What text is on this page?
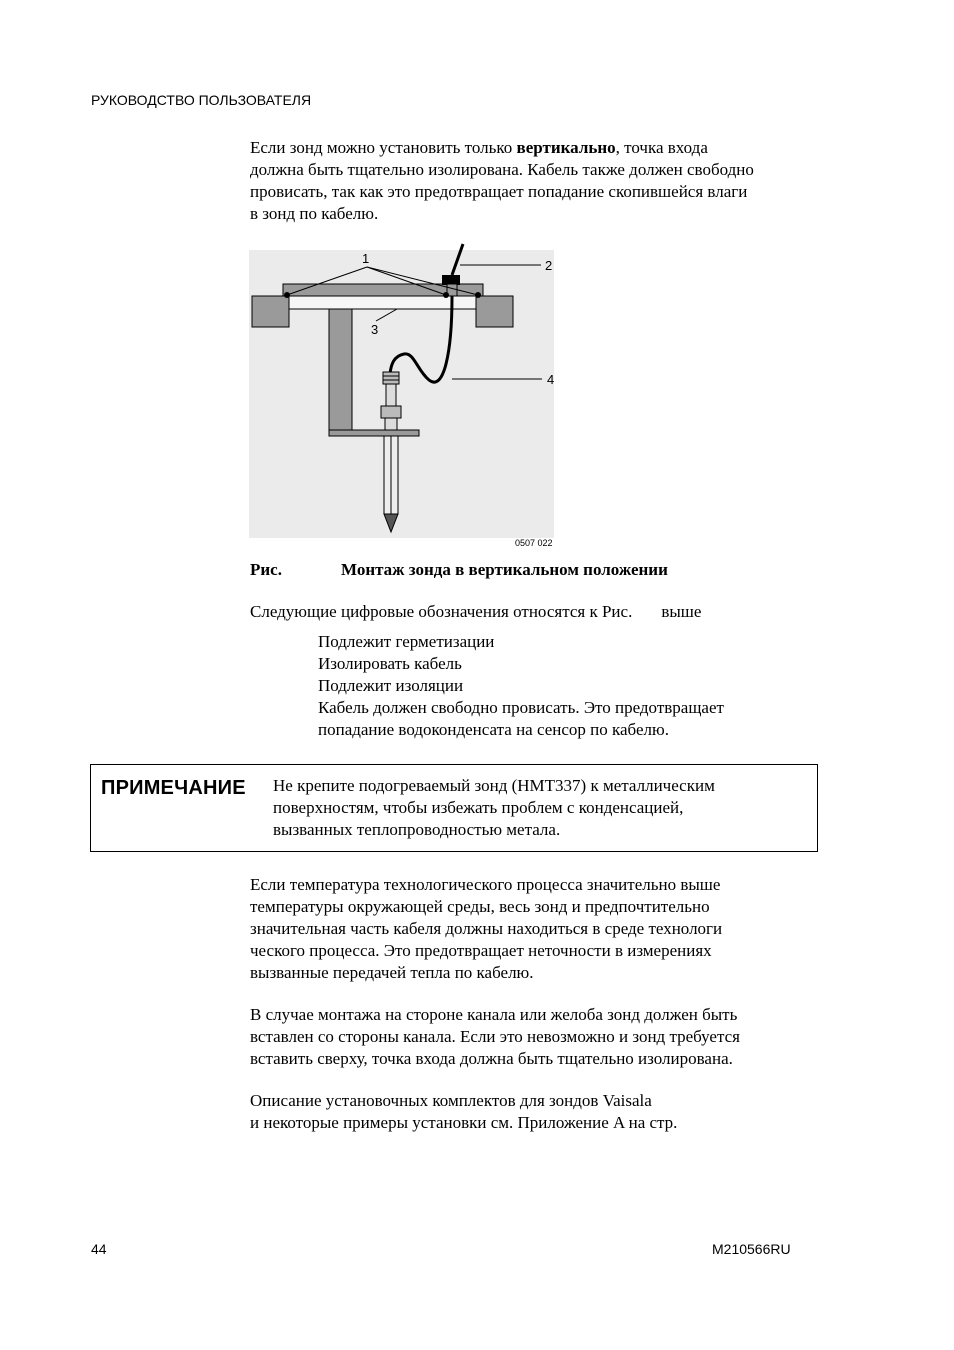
РУКОВОДСТВО ПОЛЬЗОВАТЕЛЯ
Если зонд можно установить только вертикально, точка входа
должна быть тщательно изолирована. Кабель также должен свободно
провисать, так как это предотвращает попадание скопившейся влаги
в зонд по кабелю.
1	2
3
4
0507 022
Рис.	Монтаж зонда в вертикальном положении
Следующие цифровые обозначения относятся к Рис. выше
Подлежит герметизации
Изолировать кабель
Подлежит изоляции
Кабель должен свободно провисать. Это предотвращает
попадание водоконденсата на сенсор по кабелю.
ПРИМЕЧАНИЕ Не крепите подогреваемый зонд (HMT337) к металлическим
поверхностям, чтобы избежать проблем с конденсацией,
вызванных теплопроводностью метала.
Если температура технологического процесса значительно выше
температуры окружающей среды, весь зонд и предпочтительно
значительная часть кабеля должны находиться в среде технологи
ческого процесса. Это предотвращает неточности в измерениях
вызванные передачей тепла по кабелю.
В случае монтажа на стороне канала или желоба зонд должен быть
вставлен со стороны канала. Если это невозможно и зонд требуется
вставить сверху, точка входа должна быть тщательно изолирована.
Описание установочных комплектов для зондов Vaisala
и некоторые примеры установки см. Приложение A на стр.
44	M210566RU
